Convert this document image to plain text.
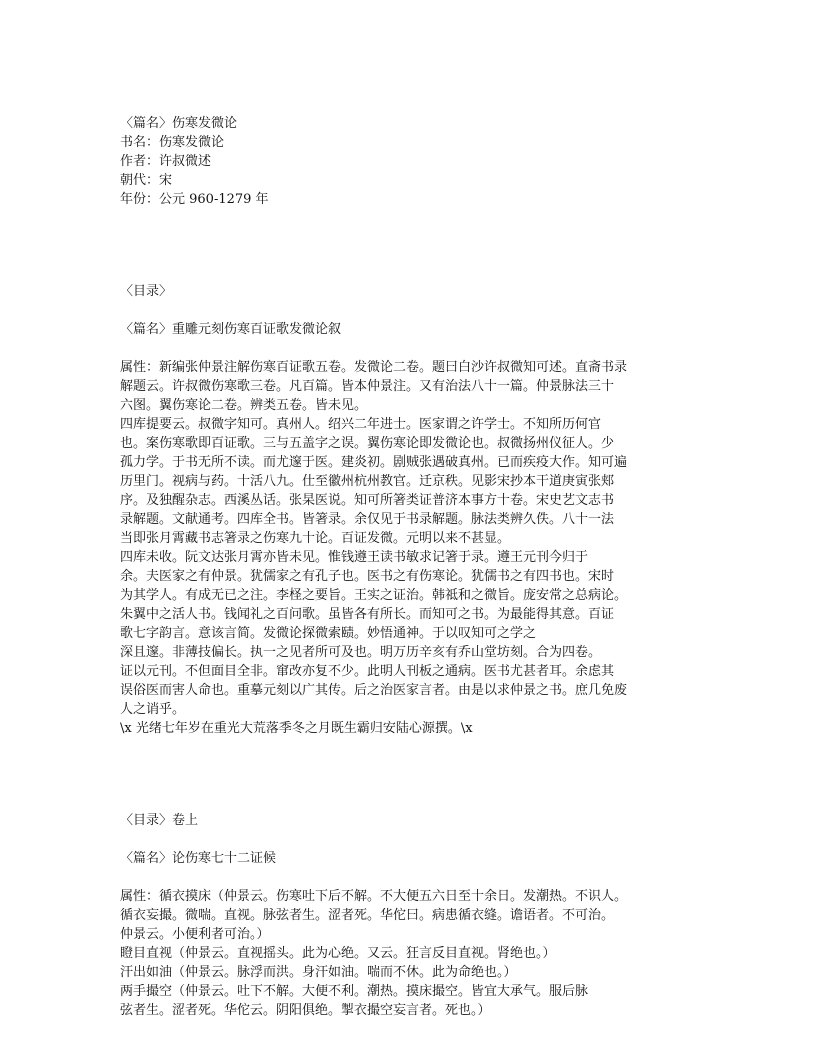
〈篇名〉伤寒发微论
书名：伤寒发微论
作者：许叔微述
朝代：宋
年份：公元 960-1279 年
〈目录〉
〈篇名〉重雕元刻伤寒百证歌发微论叙
属性：新编张仲景注解伤寒百证歌五卷。发微论二卷。题曰白沙许叔微知可述。直斋书录
解题云。许叔微伤寒歌三卷。凡百篇。皆本仲景注。又有治法八十一篇。仲景脉法三十
六图。翼伤寒论二卷。辨类五卷。皆未见。
四库提要云。叔微字知可。真州人。绍兴二年进士。医家谓之许学士。不知所历何官
也。案伤寒歌即百证歌。三与五盖字之误。翼伤寒论即发微论也。叔微扬州仪征人。少
孤力学。于书无所不读。而尤邃于医。建炎初。剧贼张遇破真州。已而疾疫大作。知可遍
历里门。视病与药。十活八九。仕至徽州杭州教官。迁京秩。见影宋抄本干道庚寅张郏
序。及独醒杂志。西溪丛话。张杲医说。知可所箸类证普济本事方十卷。宋史艺文志书
录解题。文献通考。四库全书。皆箸录。余仅见于书录解题。脉法类辨久佚。八十一法
当即张月霄藏书志箸录之伤寒九十论。百证发微。元明以来不甚显。
四库未收。阮文达张月霄亦皆未见。惟钱遵王读书敏求记箸于录。遵王元刊今归于
余。夫医家之有仲景。犹儒家之有孔子也。医书之有伤寒论。犹儒书之有四书也。宋时
为其学人。有成无已之注。李柽之要旨。王实之证治。韩祗和之微旨。庞安常之总病论。
朱翼中之活人书。钱闻礼之百问歌。虽皆各有所长。而知可之书。为最能得其意。百证
歌七字韵言。意该言简。发微论探微索赜。妙悟通神。于以叹知可之学之
深且邃。非薄技偏长。执一之见者所可及也。明万历辛亥有乔山堂坊刻。合为四卷。
证以元刊。不但面目全非。窜改亦复不少。此明人刊板之通病。医书尤甚者耳。余虑其
误俗医而害人命也。重摹元刻以广其传。后之治医家言者。由是以求仲景之书。庶几免废
人之诮乎。
\x 光绪七年岁在重光大荒落季冬之月既生霸归安陆心源撰。\x
〈目录〉卷上
〈篇名〉论伤寒七十二证候
属性：循衣摸床（仲景云。伤寒吐下后不解。不大便五六日至十余日。发潮热。不识人。
循衣妄撮。微喘。直视。脉弦者生。涩者死。华佗曰。病患循衣缝。谵语者。不可治。
仲景云。小便利者可治。）
瞪目直视（仲景云。直视摇头。此为心绝。又云。狂言反目直视。肾绝也。）
汗出如油（仲景云。脉浮而洪。身汗如油。喘而不休。此为命绝也。）
两手撮空（仲景云。吐下不解。大便不利。潮热。摸床撮空。皆宜大承气。服后脉
弦者生。涩者死。华佗云。阴阳俱绝。掣衣撮空妄言者。死也。）
